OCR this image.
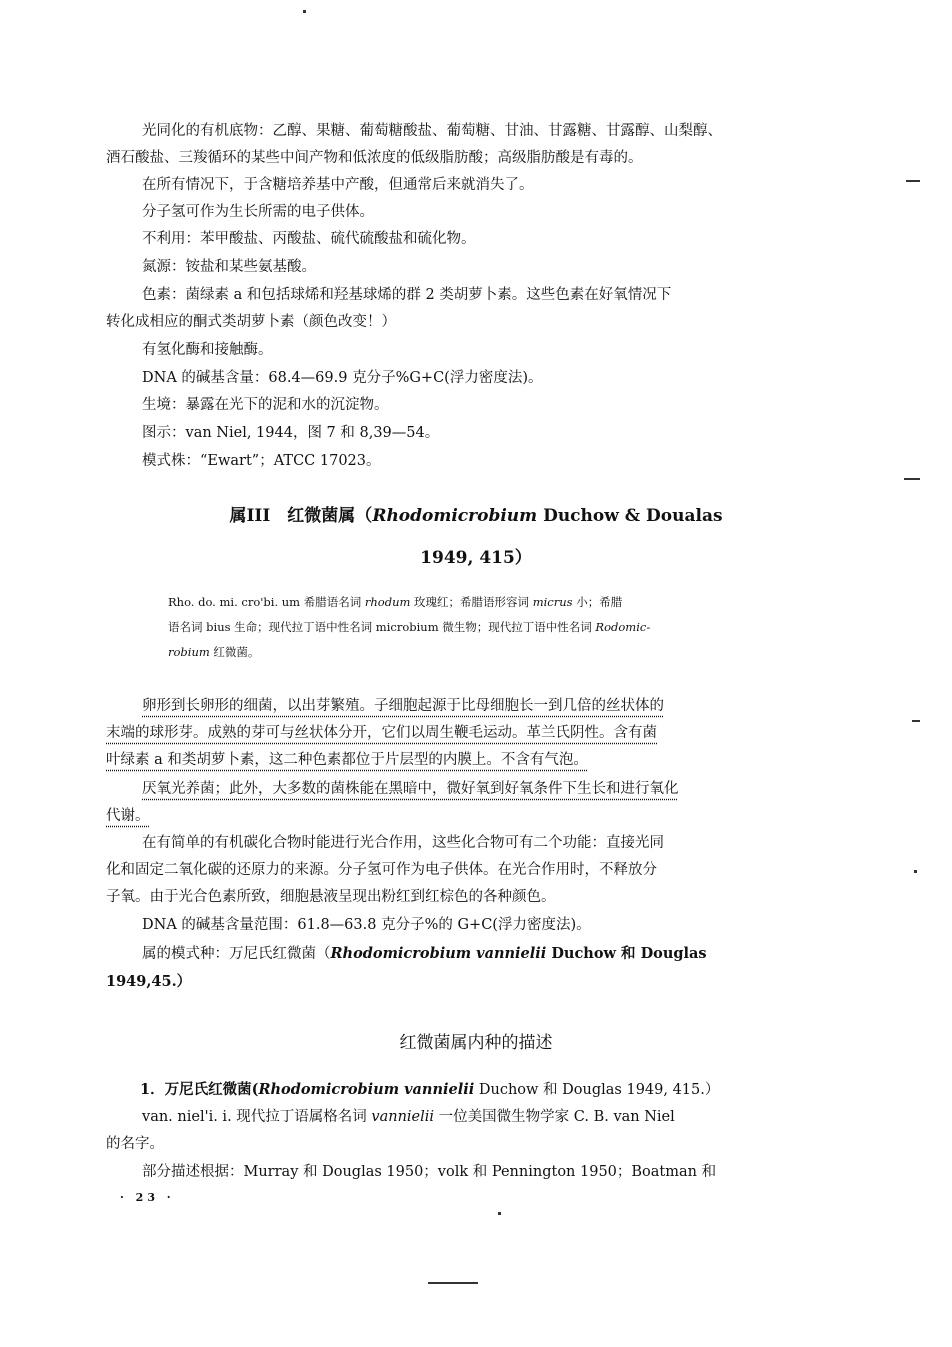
光同化的有机底物：乙醇、果糖、葡萄糖酸盐、葡萄糖、甘油、甘露糖、甘露醇、山梨醇、

酒石酸盐、三羧循环的某些中间产物和低浓度的低级脂肪酸；高级脂肪酸是有毒的。

在所有情况下，于含糖培养基中产酸，但通常后来就消失了。

分子氢可作为生长所需的电子供体。

不利用：苯甲酸盐、丙酸盐、硫代硫酸盐和硫化物。

氮源：铵盐和某些氨基酸。

色素：菌绿素 a 和包括球烯和羟基球烯的群 2 类胡萝卜素。这些色素在好氧情况下

转化成相应的酮式类胡萝卜素（颜色改变！）

有氢化酶和接触酶。

DNA 的碱基含量：68.4—69.9 克分子%G+C(浮力密度法)。

生境：暴露在光下的泥和水的沉淀物。

图示：van Niel, 1944，图 7 和 8,39—54。

模式株：“Ewart”；ATCC 17023。

属III　红微菌属（Rhodomicrobium Duchow & Doualas

1949, 415）

Rho. do. mi. cro'bi. um 希腊语名词 rhodum 玫瑰红；希腊语形容词 micrus 小；希腊
语名词 bius 生命；现代拉丁语中性名词 microbium 微生物；现代拉丁语中性名词 Rodomic-
robium 红微菌。

卵形到长卵形的细菌，以出芽繁殖。子细胞起源于比母细胞长一到几倍的丝状体的

末端的球形芽。成熟的芽可与丝状体分开，它们以周生鞭毛运动。革兰氏阴性。含有菌

叶绿素 a 和类胡萝卜素，这二种色素都位于片层型的内膜上。不含有气泡。

厌氧光养菌；此外，大多数的菌株能在黑暗中，微好氧到好氧条件下生长和进行氧化

代谢。

在有简单的有机碳化合物时能进行光合作用，这些化合物可有二个功能：直接光同

化和固定二氧化碳的还原力的来源。分子氢可作为电子供体。在光合作用时，不释放分

子氧。由于光合色素所致，细胞悬液呈现出粉红到红棕色的各种颜色。

DNA 的碱基含量范围：61.8—63.8 克分子%的 G+C(浮力密度法)。

属的模式种：万尼氏红微菌（Rhodomicrobium vannielii Duchow 和 Douglas
1949,45.）

红微菌属内种的描述

1．万尼氏红微菌(Rhodomicrobium vannielii Duchow 和 Douglas 1949, 415.）

van. niel'i. i. 现代拉丁语属格名词 vannielii 一位美国微生物学家 C. B. van Niel
的名字。

部分描述根据：Murray 和 Douglas 1950；volk 和 Pennington 1950；Boatman 和

· 23 ·
